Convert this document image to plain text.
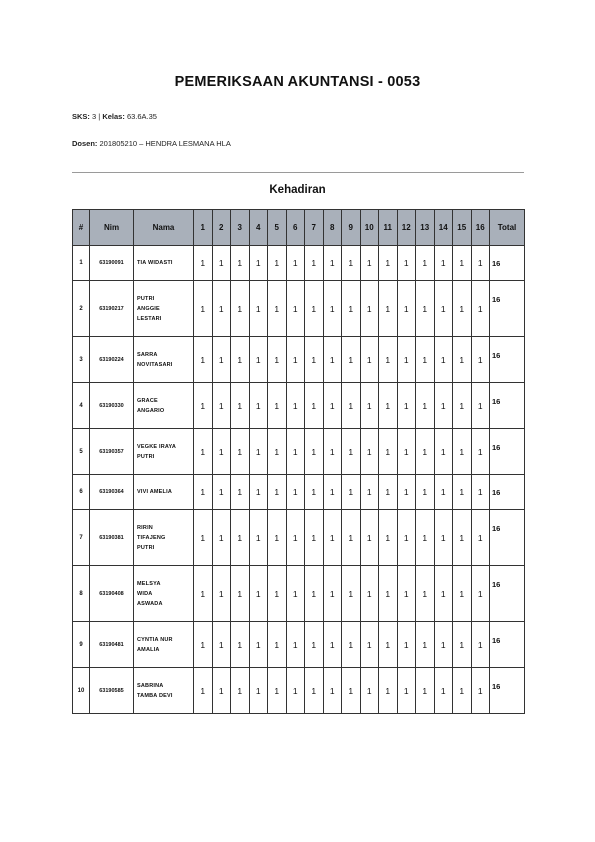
PEMERIKSAAN AKUNTANSI - 0053
SKS: 3 | Kelas: 63.6A.35
Dosen: 201805210 – HENDRA LESMANA HLA
Kehadiran
#	Nim	Nama	1	2	3	4	5	6	7	8	9	10	11	12	13	14	15	16	Total
1	63190091	TIA WIDASTI	1	1	1	1	1	1	1	1	1	1	1	1	1	1	1	1	16
2	63190217	PUTRI
ANGGIE
LESTARI	1	1	1	1	1	1	1	1	1	1	1	1	1	1	1	1	16
3	63190224	SARRA
NOVITASARI	1	1	1	1	1	1	1	1	1	1	1	1	1	1	1	1	16
4	63190330	GRACE
ANGARIO	1	1	1	1	1	1	1	1	1	1	1	1	1	1	1	1	16
5	63190357	VEGKE IRAYA
PUTRI	1	1	1	1	1	1	1	1	1	1	1	1	1	1	1	1	16
6	63190364	VIVI AMELIA	1	1	1	1	1	1	1	1	1	1	1	1	1	1	1	1	16
7	63190381	RIRIN
TIFAJENG
PUTRI	1	1	1	1	1	1	1	1	1	1	1	1	1	1	1	1	16
8	63190408	MELSYA
WIDA
ASWADA	1	1	1	1	1	1	1	1	1	1	1	1	1	1	1	1	16
9	63190481	CYNTIA NUR
AMALIA	1	1	1	1	1	1	1	1	1	1	1	1	1	1	1	1	16
10	63190585	SABRINA
TAMBA DEVI	1	1	1	1	1	1	1	1	1	1	1	1	1	1	1	1	16
